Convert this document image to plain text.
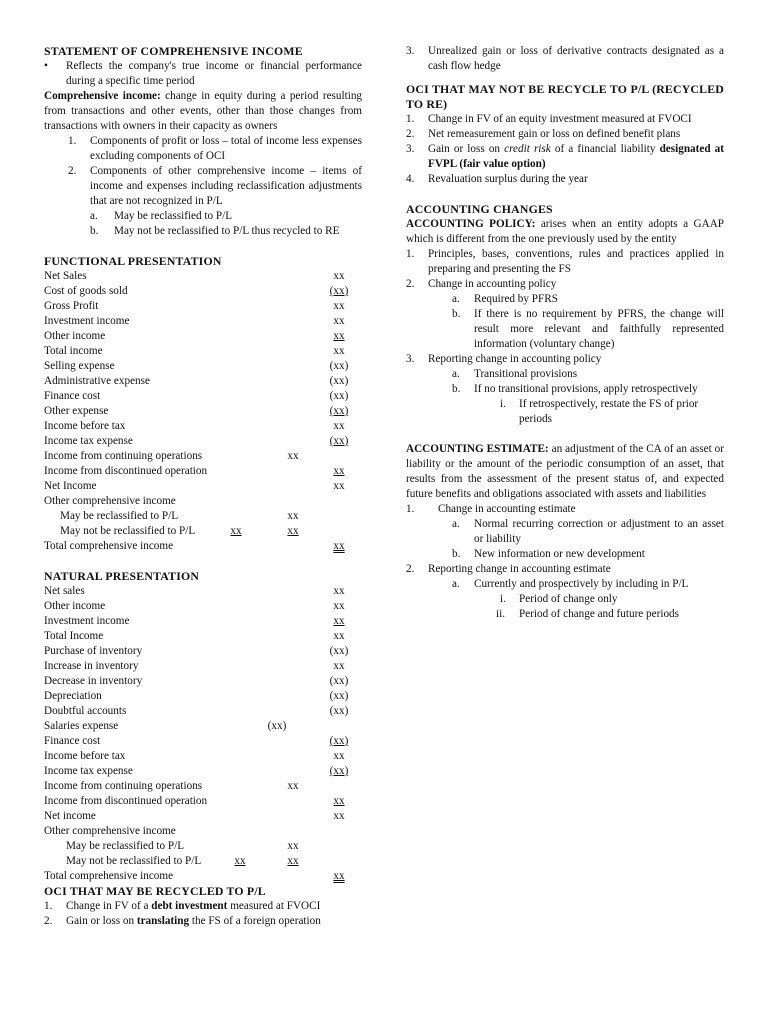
STATEMENT OF COMPREHENSIVE INCOME
• Reflects the company's true income or financial performance during a specific time period
Comprehensive income: change in equity during a period resulting from transactions and other events, other than those changes from transactions with owners in their capacity as owners
1. Components of profit or loss – total of income less expenses excluding components of OCI
2. Components of other comprehensive income – items of income and expenses including reclassification adjustments that are not recognized in P/L
a. May be reclassified to P/L
b. May not be reclassified to P/L thus recycled to RE
FUNCTIONAL PRESENTATION
Net Sales	xx
Cost of goods sold	(xx)
Gross Profit	xx
Investment income	xx
Other income	xx
Total income	xx
Selling expense	(xx)
Administrative expense	(xx)
Finance cost	(xx)
Other expense	(xx)
Income before tax	xx
Income tax expense	(xx)
Income from continuing operations	xx
Income from discontinued operation	xx
Net Income	xx
Other comprehensive income
May be reclassified to P/L	xx
May not be reclassified to P/L	xx	xx
Total comprehensive income	xx
NATURAL PRESENTATION
Net sales	xx
Other income	xx
Investment income	xx
Total Income	xx
Purchase of inventory	(xx)
Increase in inventory	xx
Decrease in inventory	(xx)
Depreciation	(xx)
Doubtful accounts	(xx)
Salaries expense	(xx)
Finance cost	(xx)
Income before tax	xx
Income tax expense	(xx)
Income from continuing operations	xx
Income from discontinued operation	xx
Net income	xx
Other comprehensive income
May be reclassified to P/L	xx
May not be reclassified to P/L	xx	xx
Total comprehensive income	xx
OCI THAT MAY BE RECYCLED TO P/L
1. Change in FV of a debt investment measured at FVOCI
2. Gain or loss on translating the FS of a foreign operation
3. Unrealized gain or loss of derivative contracts designated as a cash flow hedge
OCI THAT MAY NOT BE RECYCLE TO P/L (RECYCLED TO RE)
1. Change in FV of an equity investment measured at FVOCI
2. Net remeasurement gain or loss on defined benefit plans
3. Gain or loss on credit risk of a financial liability designated at FVPL (fair value option)
4. Revaluation surplus during the year
ACCOUNTING CHANGES
ACCOUNTING POLICY: arises when an entity adopts a GAAP which is different from the one previously used by the entity
1. Principles, bases, conventions, rules and practices applied in preparing and presenting the FS
2. Change in accounting policy
a. Required by PFRS
b. If there is no requirement by PFRS, the change will result more relevant and faithfully represented information (voluntary change)
3. Reporting change in accounting policy
a. Transitional provisions
b. If no transitional provisions, apply retrospectively
i. If retrospectively, restate the FS of prior periods
ACCOUNTING ESTIMATE: an adjustment of the CA of an asset or liability or the amount of the periodic consumption of an asset, that results from the assessment of the present status of, and expected future benefits and obligations associated with assets and liabilities
1. Change in accounting estimate
a. Normal recurring correction or adjustment to an asset or liability
b. New information or new development
2. Reporting change in accounting estimate
a. Currently and prospectively by including in P/L
i. Period of change only
ii. Period of change and future periods
